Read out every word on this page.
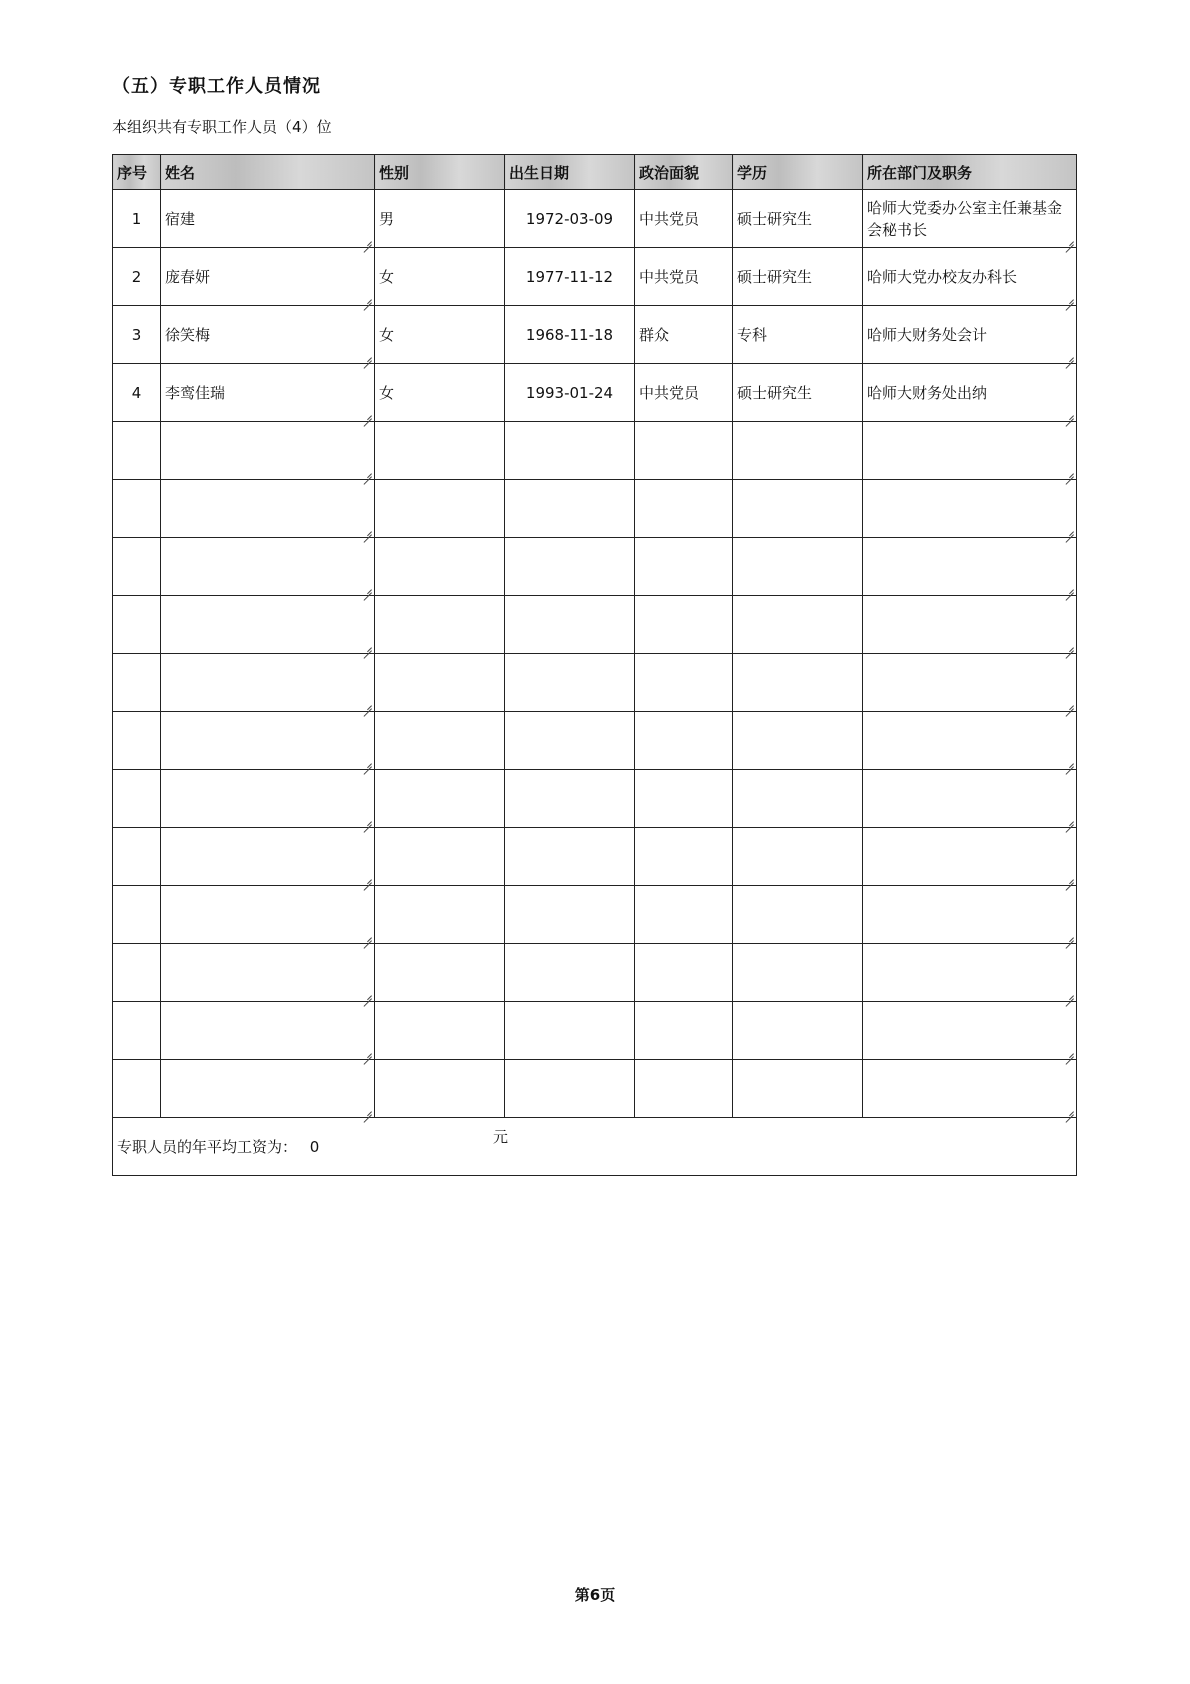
（五）专职工作人员情况
本组织共有专职工作人员（4）位
序号	姓名	性别	出生日期	政治面貌	学历	所在部门及职务
1	宿建	男	1972-03-09	中共党员	硕士研究生	哈师大党委办公室主任兼基金会秘书长

2	庞春妍	女	1977-11-12	中共党员	硕士研究生	哈师大党办校友办科长

3	徐笑梅	女	1968-11-18	群众	专科	哈师大财务处会计

4	李鸾佳瑞	女	1993-01-24	中共党员	硕士研究生	哈师大财务处出纳

专职人员的年平均工资为： 0
元						
第6页
